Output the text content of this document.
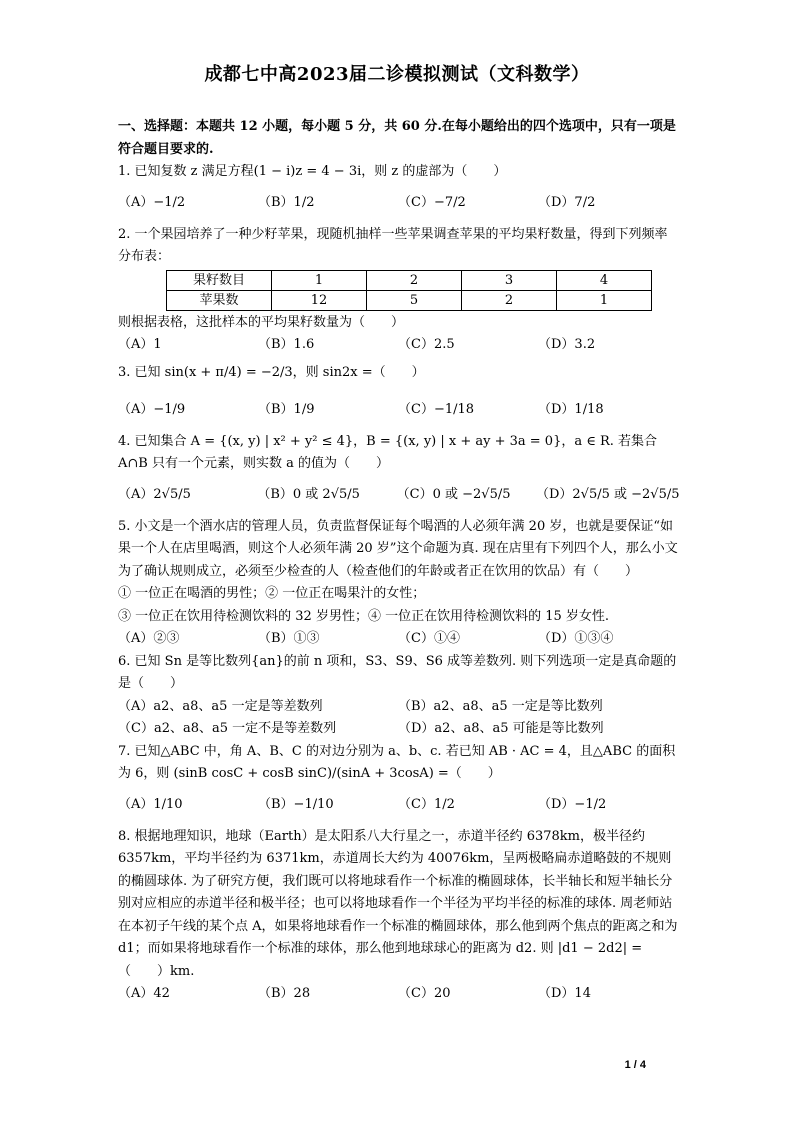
成都七中高2023届二诊模拟测试（文科数学）

一、选择题：本题共 12 小题，每小题 5 分，共 60 分.在每小题给出的四个选项中，只有一项是符合题目要求的.

1. 已知复数 z 满足方程(1 − i)z = 4 − 3i，则 z 的虚部为（　　）

（A）−1/2	（B）1/2	（C）−7/2	（D）7/2

2. 一个果园培养了一种少籽苹果，现随机抽样一些苹果调查苹果的平均果籽数量，得到下列频率分布表：

果籽数目	1	2	3	4
苹果数	12	5	2	1

则根据表格，这批样本的平均果籽数量为（　　）

（A）1	（B）1.6	（C）2.5	（D）3.2

3. 已知 sin(x + π/4) = −2/3，则 sin2x =（　　）

（A）−1/9	（B）1/9	（C）−1/18	（D）1/18

4. 已知集合 A = {(x, y) | x² + y² ≤ 4}，B = {(x, y) | x + ay + 3a = 0}，a ∈ R. 若集合 A∩B 只有一个元素，则实数 a 的值为（　　）

（A）2√5/5	（B）0 或 2√5/5	（C）0 或 −2√5/5 （D）2√5/5 或 −2√5/5

5. 小文是一个酒水店的管理人员，负责监督保证每个喝酒的人必须年满 20 岁，也就是要保证“如果一个人在店里喝酒，则这个人必须年满 20 岁”这个命题为真. 现在店里有下列四个人，那么小文为了确认规则成立，必须至少检查的人（检查他们的年龄或者正在饮用的饮品）有（　　）

① 一位正在喝酒的男性；② 一位正在喝果汁的女性；

③ 一位正在饮用待检测饮料的 32 岁男性；④ 一位正在饮用待检测饮料的 15 岁女性.

（A）②③	（B）①③	（C）①④	（D）①③④

6. 已知 Sn 是等比数列{an}的前 n 项和，S3、S9、S6 成等差数列. 则下列选项一定是真命题的是（　　）

（A）a2、a8、a5 一定是等差数列	（B）a2、a8、a5 一定是等比数列
（C）a2、a8、a5 一定不是等差数列	（D）a2、a8、a5 可能是等比数列

7. 已知△ABC 中，角 A、B、C 的对边分别为 a、b、c. 若已知 AB · AC = 4，且△ABC 的面积为 6，则 (sinB cosC + cosB sinC)/(sinA + 3cosA) =（　　）

（A）1/10	（B）−1/10	（C）1/2	（D）−1/2

8. 根据地理知识，地球（Earth）是太阳系八大行星之一，赤道半径约 6378km，极半径约 6357km，平均半径约为 6371km，赤道周长大约为 40076km，呈两极略扁赤道略鼓的不规则的椭圆球体. 为了研究方便，我们既可以将地球看作一个标准的椭圆球体，长半轴长和短半轴长分别对应相应的赤道半径和极半径；也可以将地球看作一个半径为平均半径的标准的球体. 周老师站在本初子午线的某个点 A，如果将地球看作一个标准的椭圆球体，那么他到两个焦点的距离之和为 d1；而如果将地球看作一个标准的球体，那么他到地球球心的距离为 d2. 则 |d1 − 2d2| =（　　）km.

（A）42	（B）28	（C）20	（D）14
1 / 4
